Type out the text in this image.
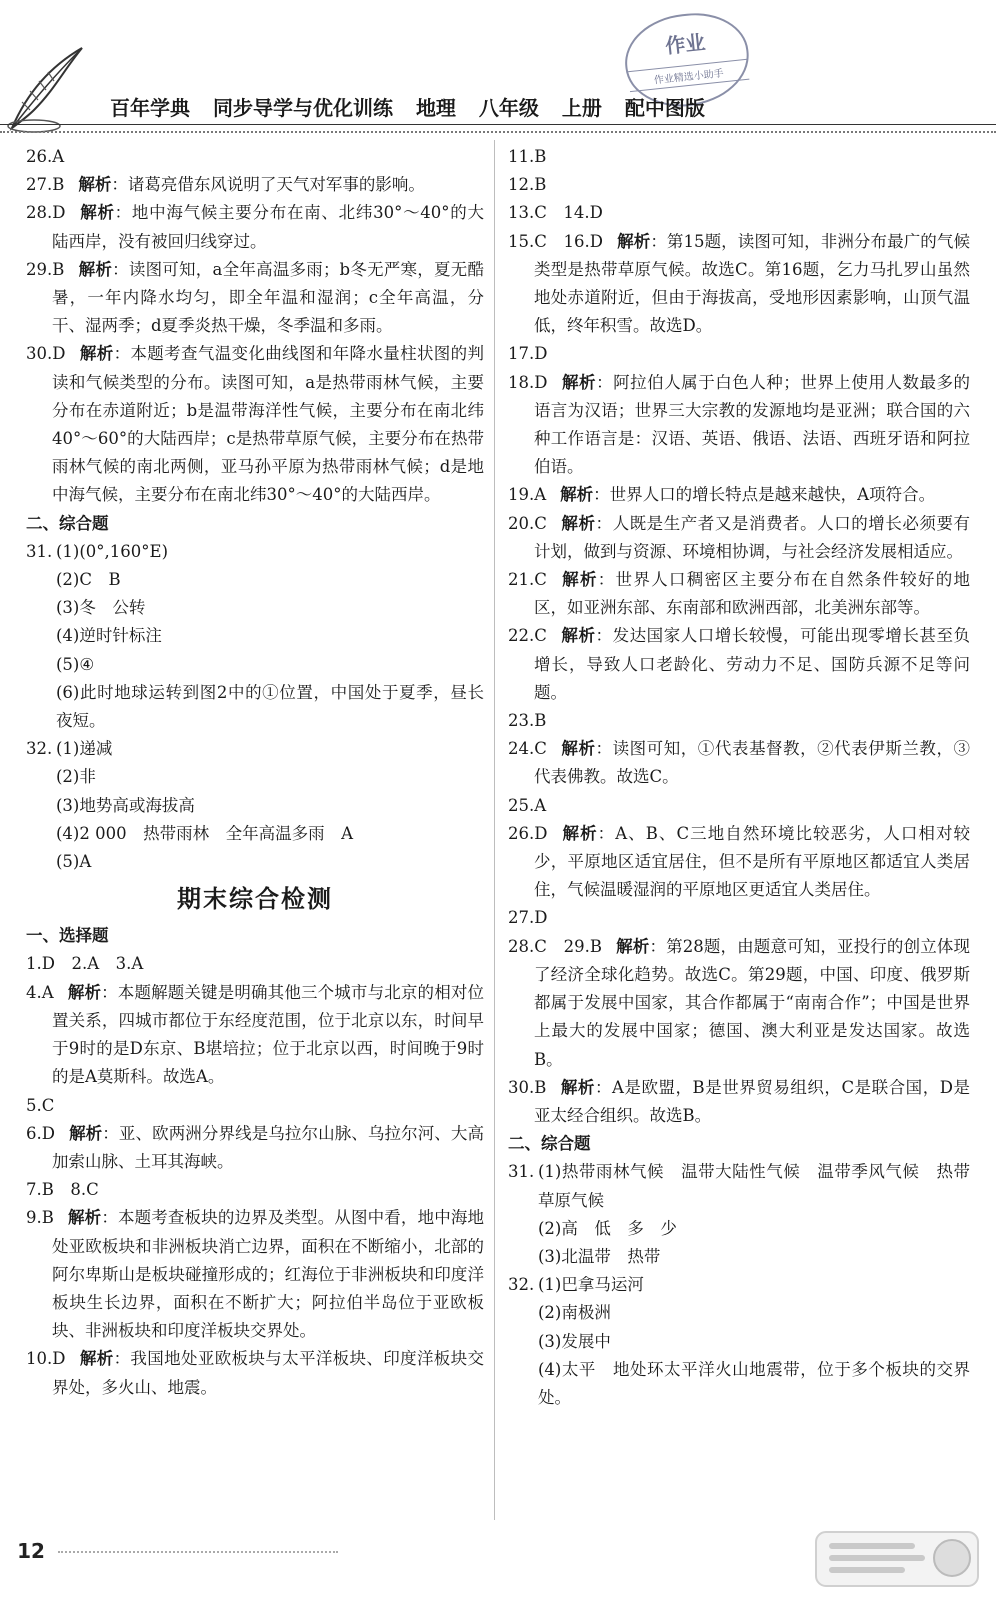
作业
作业精选小助手
百年学典 同步导学与优化训练 地理 八年级 上册 配中图版

26.A

27.B 解析：诸葛亮借东风说明了天气对军事的影响。

28.D 解析：地中海气候主要分布在南、北纬30°～40°的大陆西岸，没有被回归线穿过。

29.B 解析：读图可知，a全年高温多雨；b冬无严寒，夏无酷暑，一年内降水均匀，即全年温和湿润；c全年高温，分干、湿两季；d夏季炎热干燥，冬季温和多雨。

30.D 解析：本题考查气温变化曲线图和年降水量柱状图的判读和气候类型的分布。读图可知，a是热带雨林气候，主要分布在赤道附近；b是温带海洋性气候，主要分布在南北纬40°～60°的大陆西岸；c是热带草原气候，主要分布在热带雨林气候的南北两侧，亚马孙平原为热带雨林气候；d是地中海气候，主要分布在南北纬30°～40°的大陆西岸。

二、综合题

31. (1)(0°,160°E)

(2)C　B

(3)冬　公转

(4)逆时针标注

(5)④

(6)此时地球运转到图2中的①位置，中国处于夏季，昼长夜短。

32. (1)递减

(2)非

(3)地势高或海拔高

(4)2 000　热带雨林　全年高温多雨　A

(5)A

期末综合检测

一、选择题

1.D　2.A　3.A

4.A 解析：本题解题关键是明确其他三个城市与北京的相对位置关系，四城市都位于东经度范围，位于北京以东，时间早于9时的是D东京、B堪培拉；位于北京以西，时间晚于9时的是A莫斯科。故选A。

5.C

6.D 解析：亚、欧两洲分界线是乌拉尔山脉、乌拉尔河、大高加索山脉、土耳其海峡。

7.B　8.C

9.B 解析：本题考查板块的边界及类型。从图中看，地中海地处亚欧板块和非洲板块消亡边界，面积在不断缩小，北部的阿尔卑斯山是板块碰撞形成的；红海位于非洲板块和印度洋板块生长边界，面积在不断扩大；阿拉伯半岛位于亚欧板块、非洲板块和印度洋板块交界处。

10.D 解析：我国地处亚欧板块与太平洋板块、印度洋板块交界处，多火山、地震。

11.B

12.B

13.C　14.D

15.C　16.D 解析：第15题，读图可知，非洲分布最广的气候类型是热带草原气候。故选C。第16题，乞力马扎罗山虽然地处赤道附近，但由于海拔高，受地形因素影响，山顶气温低，终年积雪。故选D。

17.D

18.D 解析：阿拉伯人属于白色人种；世界上使用人数最多的语言为汉语；世界三大宗教的发源地均是亚洲；联合国的六种工作语言是：汉语、英语、俄语、法语、西班牙语和阿拉伯语。

19.A 解析：世界人口的增长特点是越来越快，A项符合。

20.C 解析：人既是生产者又是消费者。人口的增长必须要有计划，做到与资源、环境相协调，与社会经济发展相适应。

21.C 解析：世界人口稠密区主要分布在自然条件较好的地区，如亚洲东部、东南部和欧洲西部，北美洲东部等。

22.C 解析：发达国家人口增长较慢，可能出现零增长甚至负增长，导致人口老龄化、劳动力不足、国防兵源不足等问题。

23.B

24.C 解析：读图可知，①代表基督教，②代表伊斯兰教，③代表佛教。故选C。

25.A

26.D 解析：A、B、C三地自然环境比较恶劣，人口相对较少，平原地区适宜居住，但不是所有平原地区都适宜人类居住，气候温暖湿润的平原地区更适宜人类居住。

27.D

28.C　29.B 解析：第28题，由题意可知，亚投行的创立体现了经济全球化趋势。故选C。第29题，中国、印度、俄罗斯都属于发展中国家，其合作都属于“南南合作”；中国是世界上最大的发展中国家；德国、澳大利亚是发达国家。故选B。

30.B 解析：A是欧盟，B是世界贸易组织，C是联合国，D是亚太经合组织。故选B。

二、综合题

31. (1)热带雨林气候　温带大陆性气候　温带季风气候　热带草原气候

(2)高　低　多　少

(3)北温带　热带

32. (1)巴拿马运河

(2)南极洲

(3)发展中

(4)太平　地处环太平洋火山地震带，位于多个板块的交界处。

12
